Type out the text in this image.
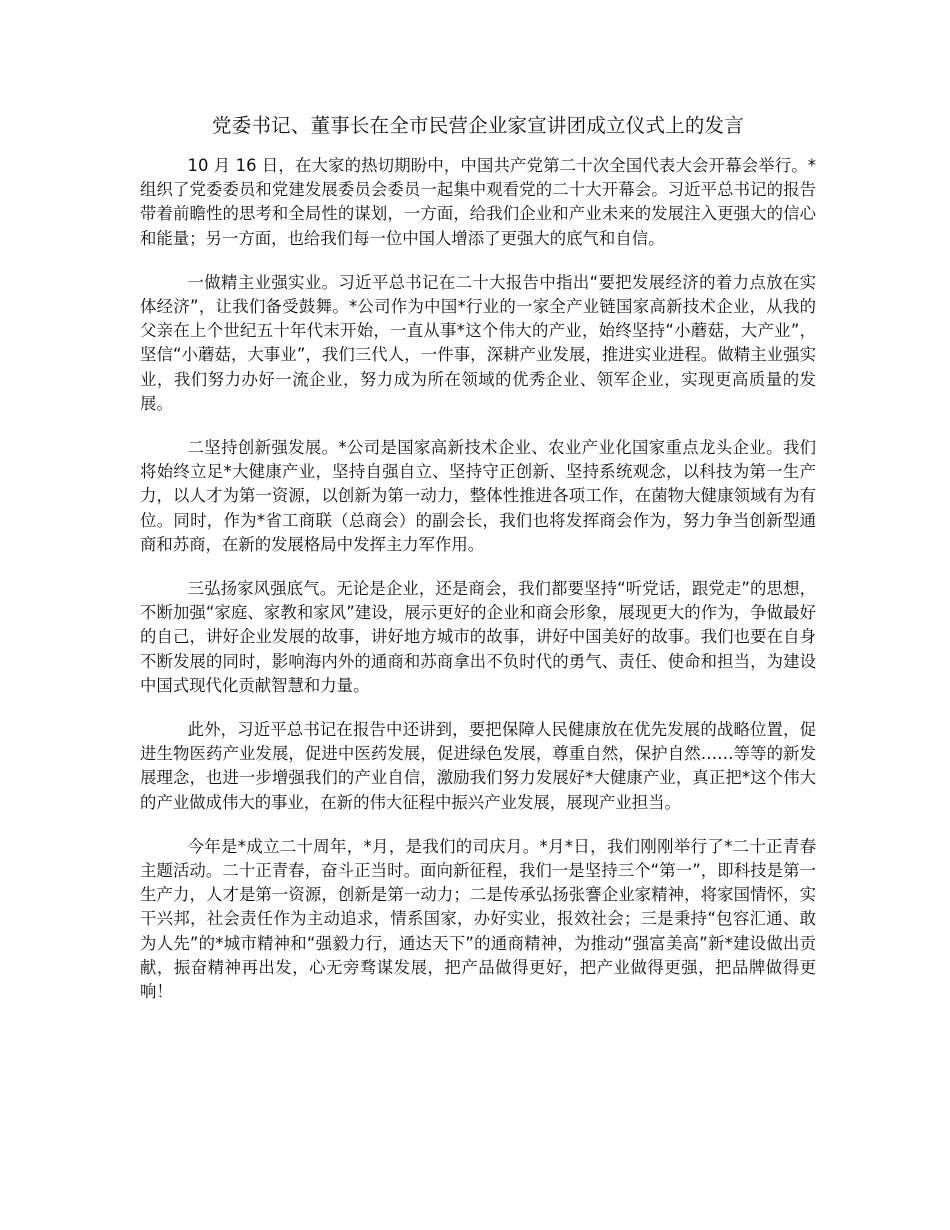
党委书记、董事长在全市民营企业家宣讲团成立仪式上的发言

10 月 16 日，在大家的热切期盼中，中国共产党第二十次全国代表大会开幕会举行。*组织了党委委员和党建发展委员会委员一起集中观看党的二十大开幕会。习近平总书记的报告带着前瞻性的思考和全局性的谋划，一方面，给我们企业和产业未来的发展注入更强大的信心和能量；另一方面，也给我们每一位中国人增添了更强大的底气和自信。

一做精主业强实业。习近平总书记在二十大报告中指出“要把发展经济的着力点放在实体经济”，让我们备受鼓舞。*公司作为中国*行业的一家全产业链国家高新技术企业，从我的父亲在上个世纪五十年代末开始，一直从事*这个伟大的产业，始终坚持“小蘑菇，大产业”，坚信“小蘑菇，大事业”，我们三代人，一件事，深耕产业发展，推进实业进程。做精主业强实业，我们努力办好一流企业，努力成为所在领域的优秀企业、领军企业，实现更高质量的发展。

二坚持创新强发展。*公司是国家高新技术企业、农业产业化国家重点龙头企业。我们将始终立足*大健康产业，坚持自强自立、坚持守正创新、坚持系统观念，以科技为第一生产力，以人才为第一资源，以创新为第一动力，整体性推进各项工作，在菌物大健康领域有为有位。同时，作为*省工商联（总商会）的副会长，我们也将发挥商会作为，努力争当创新型通商和苏商，在新的发展格局中发挥主力军作用。

三弘扬家风强底气。无论是企业，还是商会，我们都要坚持“听党话，跟党走”的思想，不断加强“家庭、家教和家风”建设，展示更好的企业和商会形象，展现更大的作为，争做最好的自己，讲好企业发展的故事，讲好地方城市的故事，讲好中国美好的故事。我们也要在自身不断发展的同时，影响海内外的通商和苏商拿出不负时代的勇气、责任、使命和担当，为建设中国式现代化贡献智慧和力量。

此外，习近平总书记在报告中还讲到，要把保障人民健康放在优先发展的战略位置，促进生物医药产业发展，促进中医药发展，促进绿色发展，尊重自然，保护自然……等等的新发展理念，也进一步增强我们的产业自信，激励我们努力发展好*大健康产业，真正把*这个伟大的产业做成伟大的事业，在新的伟大征程中振兴产业发展，展现产业担当。

今年是*成立二十周年，*月，是我们的司庆月。*月*日，我们刚刚举行了*二十正青春主题活动。二十正青春，奋斗正当时。面向新征程，我们一是坚持三个“第一”，即科技是第一生产力，人才是第一资源，创新是第一动力；二是传承弘扬张謇企业家精神，将家国情怀，实干兴邦，社会责任作为主动追求，情系国家，办好实业，报效社会；三是秉持“包容汇通、敢为人先”的*城市精神和“强毅力行，通达天下”的通商精神，为推动“强富美高”新*建设做出贡献，振奋精神再出发，心无旁骛谋发展，把产品做得更好，把产业做得更强，把品牌做得更响！
